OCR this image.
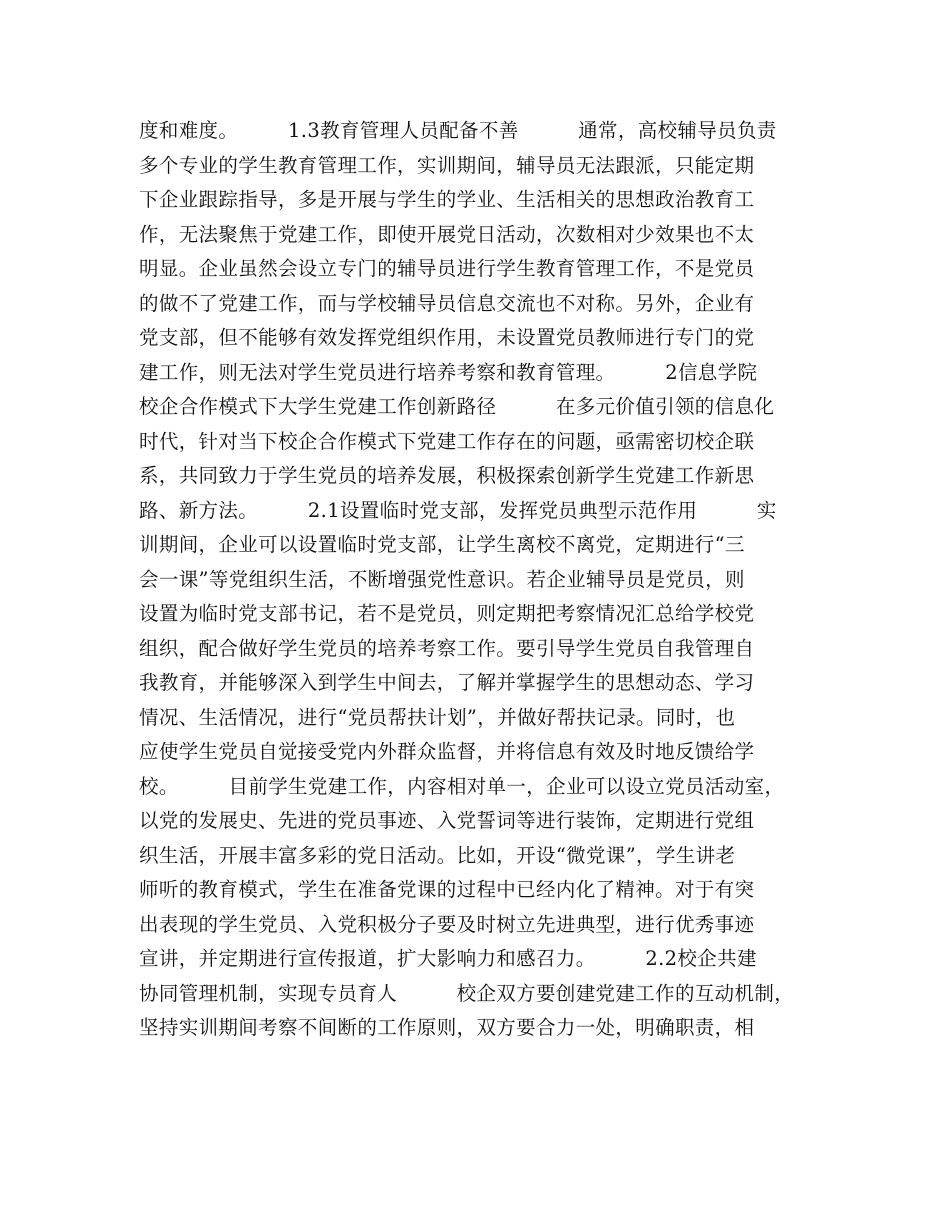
度和难度。　　　1.3教育管理人员配备不善　　　通常，高校辅导员负责
多个专业的学生教育管理工作，实训期间，辅导员无法跟派，只能定期
下企业跟踪指导，多是开展与学生的学业、生活相关的思想政治教育工
作，无法聚焦于党建工作，即使开展党日活动，次数相对少效果也不太
明显。企业虽然会设立专门的辅导员进行学生教育管理工作，不是党员
的做不了党建工作，而与学校辅导员信息交流也不对称。另外，企业有
党支部，但不能够有效发挥党组织作用，未设置党员教师进行专门的党
建工作，则无法对学生党员进行培养考察和教育管理。　　　2信息学院
校企合作模式下大学生党建工作创新路径　　　在多元价值引领的信息化
时代，针对当下校企合作模式下党建工作存在的问题，亟需密切校企联
系，共同致力于学生党员的培养发展，积极探索创新学生党建工作新思
路、新方法。　　　2.1设置临时党支部，发挥党员典型示范作用　　　实
训期间，企业可以设置临时党支部，让学生离校不离党，定期进行“三
会一课”等党组织生活，不断增强党性意识。若企业辅导员是党员，则
设置为临时党支部书记，若不是党员，则定期把考察情况汇总给学校党
组织，配合做好学生党员的培养考察工作。要引导学生党员自我管理自
我教育，并能够深入到学生中间去，了解并掌握学生的思想动态、学习
情况、生活情况，进行“党员帮扶计划”，并做好帮扶记录。同时，也
应使学生党员自觉接受党内外群众监督，并将信息有效及时地反馈给学
校。　　　目前学生党建工作，内容相对单一，企业可以设立党员活动室，
以党的发展史、先进的党员事迹、入党誓词等进行装饰，定期进行党组
织生活，开展丰富多彩的党日活动。比如，开设“微党课”，学生讲老
师听的教育模式，学生在准备党课的过程中已经内化了精神。对于有突
出表现的学生党员、入党积极分子要及时树立先进典型，进行优秀事迹
宣讲，并定期进行宣传报道，扩大影响力和感召力。　　　2.2校企共建
协同管理机制，实现专员育人　　　校企双方要创建党建工作的互动机制，
坚持实训期间考察不间断的工作原则，双方要合力一处，明确职责，相
